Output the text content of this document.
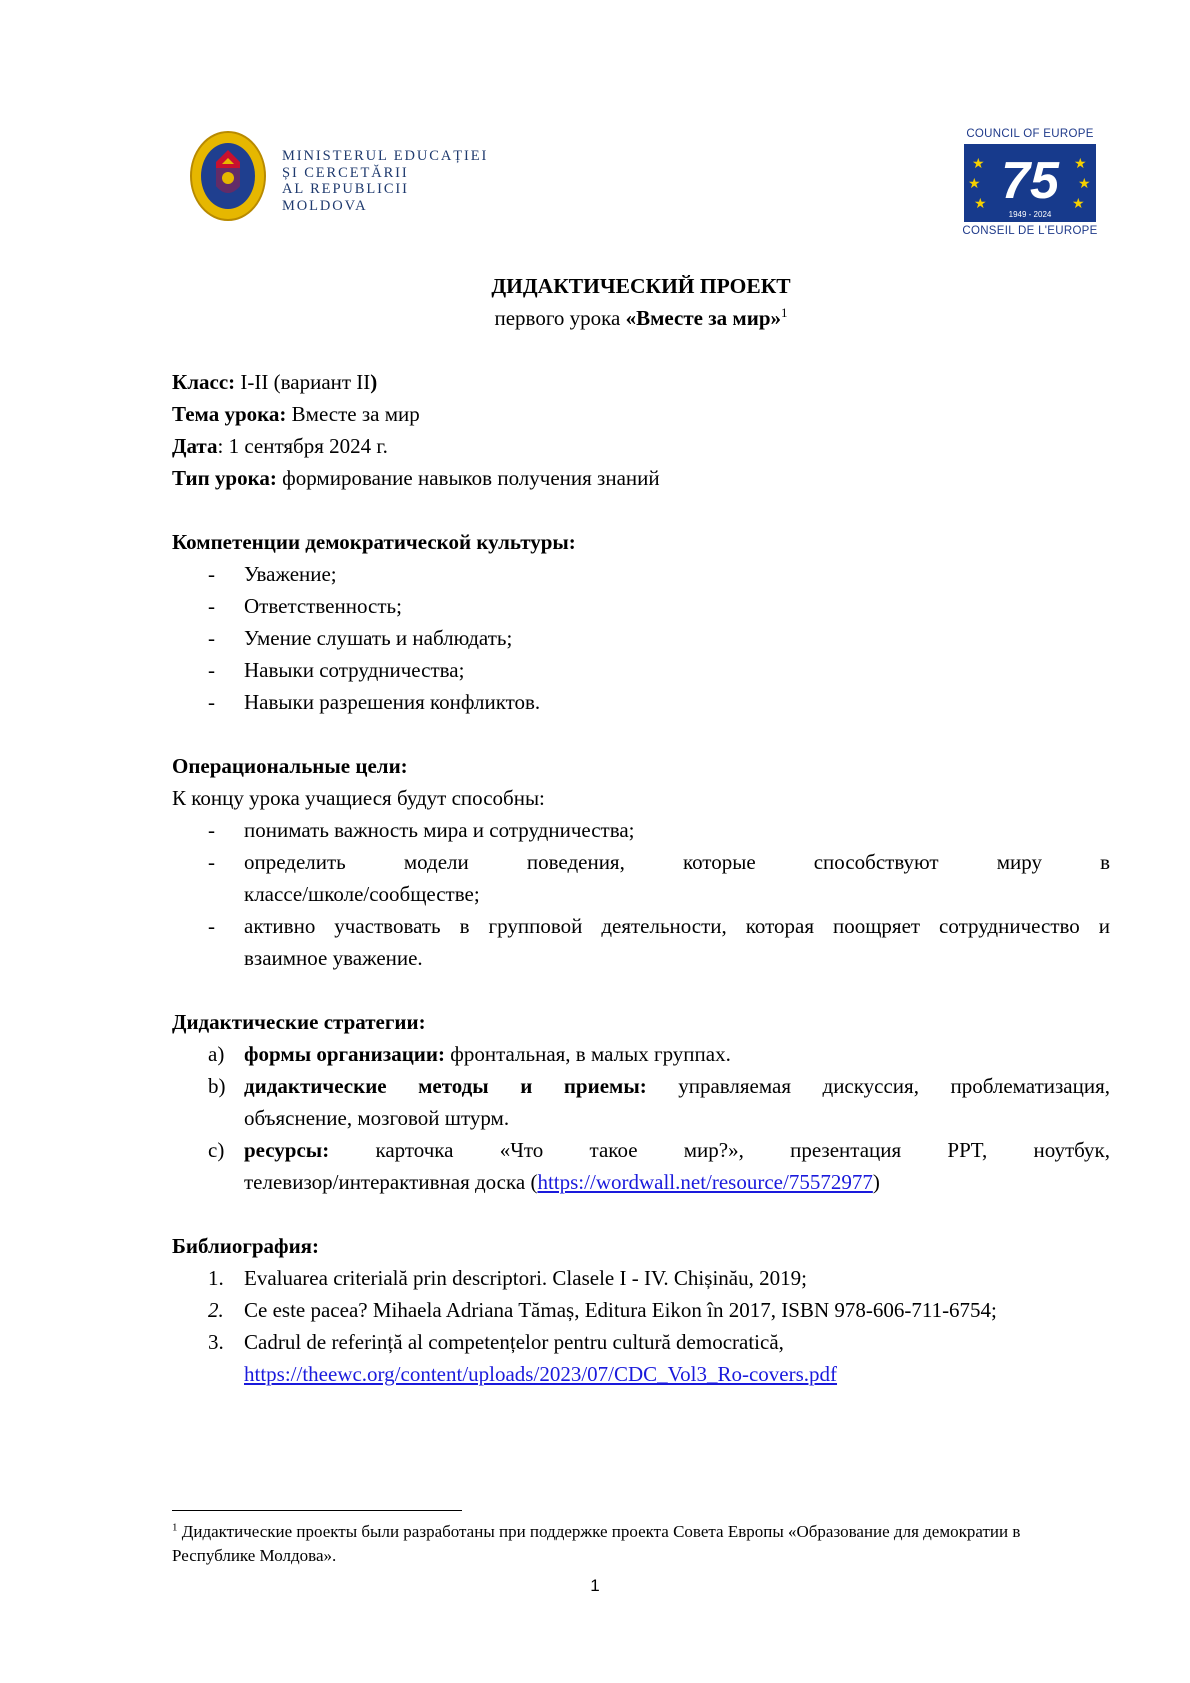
MINISTERUL EDUCAȚIEI
ȘI CERCETĂRII
AL REPUBLICII MOLDOVA
COUNCIL OF EUROPE
★	★
★	★
★	★
75
1949 - 2024
CONSEIL DE L'EUROPE

ДИДАКТИЧЕСКИЙ ПРОЕКТ

первого урока «Вместе за мир»$^1$

Класс: I-II (вариант II)

Тема урока: Вместе за мир

Дата: 1 сентября 2024 г.

Тип урока: формирование навыков получения знаний

Компетенции демократической культуры:

- Уважение;
- Ответственность;
- Умение слушать и наблюдать;
- Навыки сотрудничества;
- Навыки разрешения конфликтов.

Операциональные цели:

К концу урока учащиеся будут способны:

- понимать важность мира и сотрудничества;
- определить модели поведения, которые способствуют миру в
классе/школе/сообществе;
- активно участвовать в групповой деятельности, которая поощряет сотрудничество и
взаимное уважение.

Дидактические стратегии:

a) формы организации: фронтальная, в малых группах.
b) дидактические методы и приемы: управляемая дискуссия, проблематизация,
объяснение, мозговой штурм.
c) ресурсы: карточка «Что такое мир?», презентация PPT, ноутбук,
телевизор/интерактивная доска (https://wordwall.net/resource/75572977)

Библиография:

1. Evaluarea criterială prin descriptori. Clasele I - IV. Chișinău, 2019;
2. Ce este pacea? Mihaela Adriana Tămaș, Editura Eikon în 2017, ISBN 978-606-711-6754;
3. Cadrul de referință al competențelor pentru cultură democratică,
https://theewc.org/content/uploads/2023/07/CDC_Vol3_Ro-covers.pdf
$^1$ Дидактические проекты были разработаны при поддержке проекта Совета Европы «Образование для демократии в Республике Молдова».
1
